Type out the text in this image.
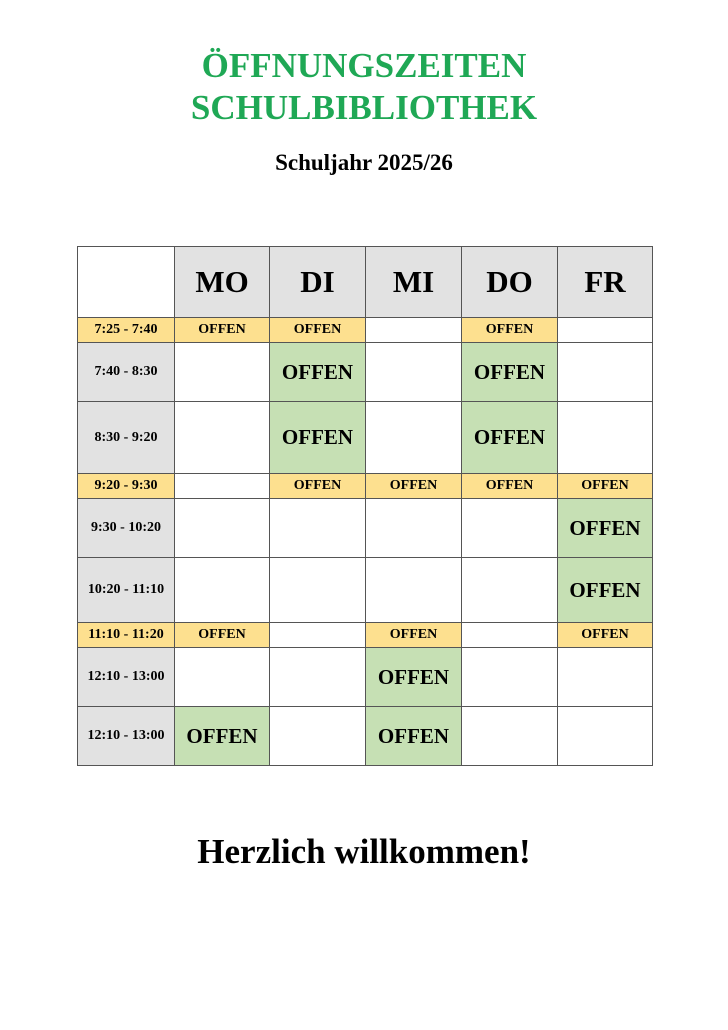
ÖFFNUNGSZEITEN
SCHULBIBLIOTHEK
Schuljahr 2025/26
	MO	DI	MI	DO	FR
7:25 - 7:40	OFFEN	OFFEN		OFFEN	
7:40 - 8:30		OFFEN		OFFEN	
8:30 - 9:20		OFFEN		OFFEN	
9:20 - 9:30		OFFEN	OFFEN	OFFEN	OFFEN
9:30 - 10:20					OFFEN
10:20 - 11:10					OFFEN
11:10 - 11:20	OFFEN		OFFEN		OFFEN
12:10 - 13:00			OFFEN		
12:10 - 13:00	OFFEN		OFFEN		
Herzlich willkommen!
